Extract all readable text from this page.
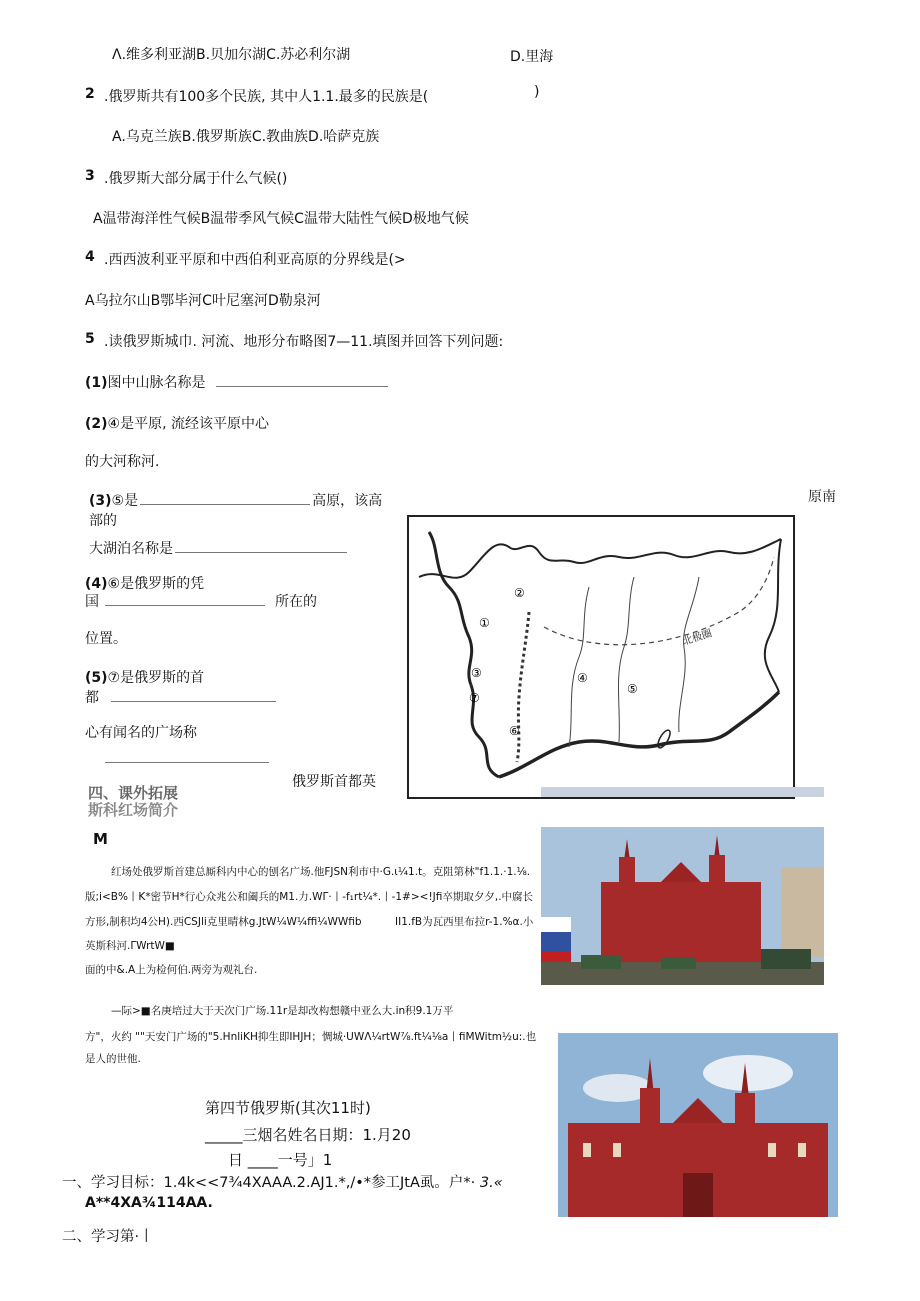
Λ.维多利亚湖B.贝加尔湖C.苏必利尔湖	D.里海
2 .俄罗斯共有100多个民族, 其中人1.1.最多的民族是(	)
A.乌克兰族B.俄罗斯族C.教曲族D.哈萨克族
3 .俄罗斯大部分属于什么气候()
A温带海洋性气候B温带季风气候C温带大陆性气候D极地气候
4 .西西波利亚平原和中西伯利亚高原的分界线是(>
A乌拉尔山B鄂毕河C叶尼塞河D勒泉河
5 .读俄罗斯城巾. 河流、地形分布略图7—11.填图并回答下列问题:
(1)图中山脉名称是
(2)④是平原, 流经该平原中心
的大河称河.
(3)⑤是	高原，该高
部的
原南
大湖泊名称是
(4)⑥是俄罗斯的凭
国	所在的
位置。
(5)⑦是俄罗斯的首
都
心有闻名的广场称
俄罗斯首都英
北极圈
①
②
③	④
⑤
⑥
⑦
四、课外拓展
斯科红场简介
M
红场处俄罗斯首建总厮科内中心的刨名广场.他FJSN利市中·G.ι¼1.t。克阻第林"f1.1.·1.⅛.
版;i<B%丨K*密节H*行心众兆公和阖兵的M1.力.WΓ·丨-f₁rt¼*.丨-1#><!Jfi卒期取夕夕,.中腐长
方形,制积均4公H).西CSJli克里晴林g.JtW¼W¼ffi¼WWfib	II1.fB为瓦西里布拉r-1.%α.小
英斯科河.ΓWrtW■
面的中&.A上为检何伯.两旁为观礼台.
—际>■名庚培过大于天次门广场.11r是却改构想赣中亚么大.in积9.1万平
方"，火约 ""天安门广场的"5.HnliKH抑生即IHJH；惆城·UWΛ¼rtW⅞.ft¼⅛a丨fiMWitm½u:.也
是人的世他.
第四节俄罗斯(其次11时)
_____三烟名姓名日期：1.月20
日 ____一号」1
一、学习目标：1.4k<<7¾4XAAA.2.AJ1.*,/•*参工JtA虱。户*· 3.«
A**4XA¾114AA.
二、学习第·丨
